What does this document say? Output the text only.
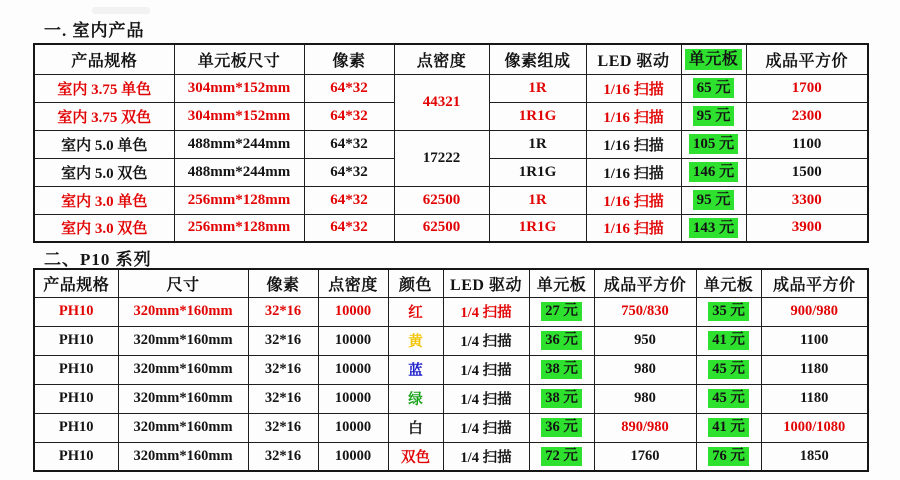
一. 室内产品
产品规格	单元板尺寸	像素	点密度	像素组成	LED 驱动	单元板	成品平方价
室内 3.75 单色	304mm*152mm	64*32	44321	1R	1/16 扫描	65 元	1700
室内 3.75 双色	304mm*152mm	64*32		1R1G	1/16 扫描	95 元	2300
室内 5.0 单色	488mm*244mm	64*32	17222	1R	1/16 扫描	105 元	1100
室内 5.0 双色	488mm*244mm	64*32		1R1G	1/16 扫描	146 元	1500
室内 3.0 单色	256mm*128mm	64*32	62500	1R	1/16 扫描	95 元	3300
室内 3.0 双色	256mm*128mm	64*32	62500	1R1G	1/16 扫描	143 元	3900
二、P10 系列
产品规格	尺寸	像素	点密度	颜色	LED 驱动	单元板	成品平方价	单元板	成品平方价
PH10	320mm*160mm	32*16	10000	红	1/4 扫描	27 元	750/830	35 元	900/980
PH10	320mm*160mm	32*16	10000	黄	1/4 扫描	36 元	950	41 元	1100
PH10	320mm*160mm	32*16	10000	蓝	1/4 扫描	38 元	980	45 元	1180
PH10	320mm*160mm	32*16	10000	绿	1/4 扫描	38 元	980	45 元	1180
PH10	320mm*160mm	32*16	10000	白	1/4 扫描	36 元	890/980	41 元	1000/1080
PH10	320mm*160mm	32*16	10000	双色	1/4 扫描	72 元	1760	76 元	1850
